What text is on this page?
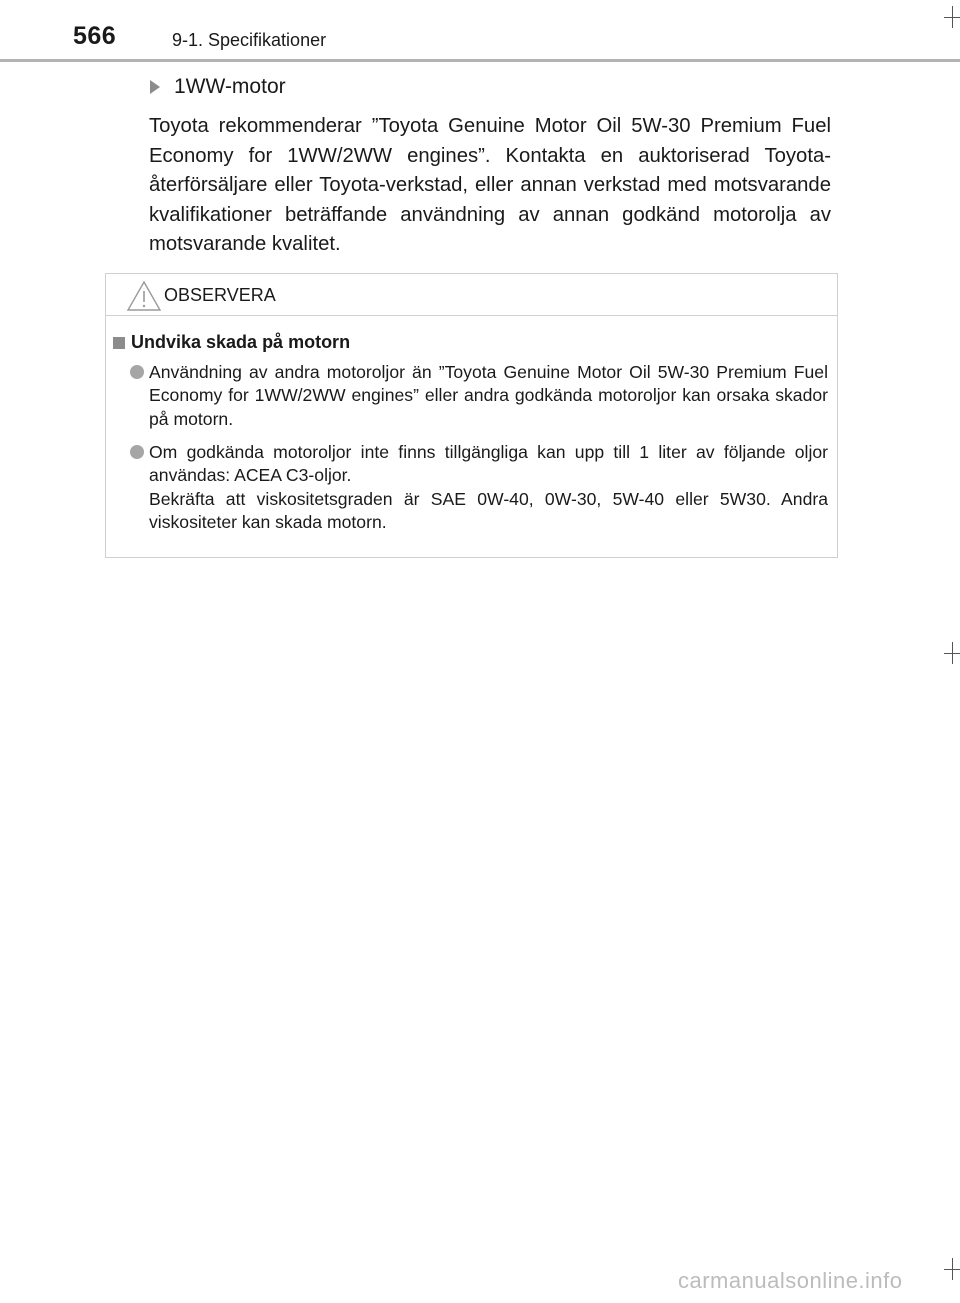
566	9-1. Specifikationer
1WW-motor
Toyota rekommenderar ”Toyota Genuine Motor Oil 5W-30 Premium Fuel Economy for 1WW/2WW engines”. Kontakta en auktoriserad Toyota-återförsäljare eller Toyota-verkstad, eller annan verkstad med motsvarande kvalifikationer beträffande användning av annan godkänd motorolja av motsvarande kvalitet.
OBSERVERA
Undvika skada på motorn
Användning av andra motoroljor än ”Toyota Genuine Motor Oil 5W-30 Premium Fuel Economy for 1WW/2WW engines” eller andra godkända motoroljor kan orsaka skador på motorn.
Om godkända motoroljor inte finns tillgängliga kan upp till 1 liter av följande oljor användas: ACEA C3-oljor.
Bekräfta att viskositetsgraden är SAE 0W-40, 0W-30, 5W-40 eller 5W30. Andra viskositeter kan skada motorn.
carmanualsonline.info
